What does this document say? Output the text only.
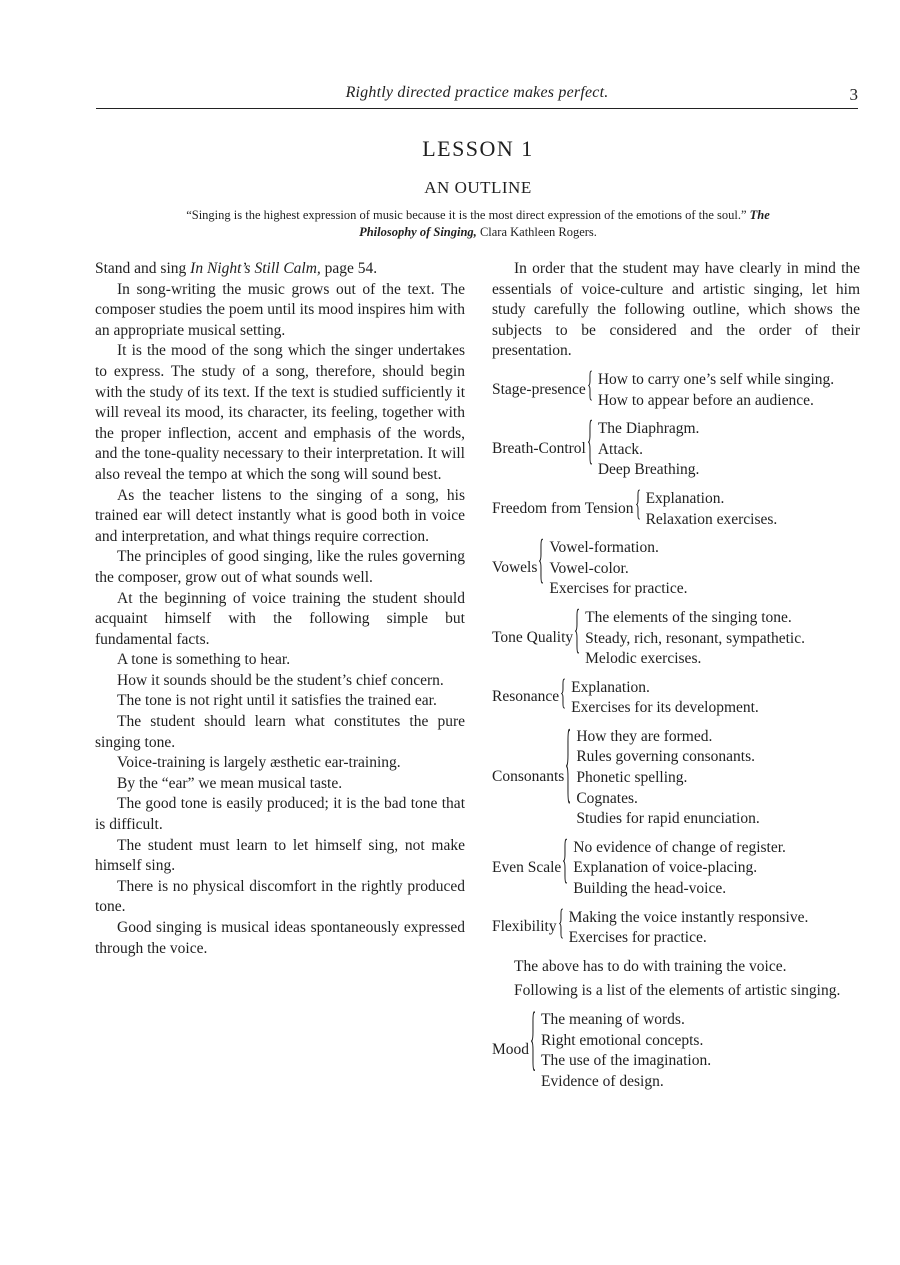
Rightly directed practice makes perfect.	3
LESSON 1
AN OUTLINE
“Singing is the highest expression of music because it is the most direct expression of the emotions of the soul.” The Philosophy of Singing, Clara Kathleen Rogers.

Stand and sing In Night’s Still Calm, page 54.

In song-writing the music grows out of the text. The composer studies the poem until its mood inspires him with an appropriate musical setting.

It is the mood of the song which the singer undertakes to express. The study of a song, therefore, should begin with the study of its text. If the text is studied sufficiently it will reveal its mood, its character, its feeling, together with the proper inflection, accent and emphasis of the words, and the tone-quality necessary to their interpretation. It will also reveal the tempo at which the song will sound best.

As the teacher listens to the singing of a song, his trained ear will detect instantly what is good both in voice and interpretation, and what things require correction.

The principles of good singing, like the rules governing the composer, grow out of what sounds well.

At the beginning of voice training the student should acquaint himself with the following simple but fundamental facts.

A tone is something to hear.

How it sounds should be the student’s chief concern.

The tone is not right until it satisfies the trained ear.

The student should learn what constitutes the pure singing tone.

Voice-training is largely æsthetic ear-training.

By the “ear” we mean musical taste.

The good tone is easily produced; it is the bad tone that is difficult.

The student must learn to let himself sing, not make himself sing.

There is no physical discomfort in the rightly produced tone.

Good singing is musical ideas spontaneously expressed through the voice.

In order that the student may have clearly in mind the essentials of voice-culture and artistic singing, let him study carefully the following outline, which shows the subjects to be considered and the order of their presentation.

Stage-presence { How to carry one’s self while singing.
How to appear before an audience.
Breath-Control { The Diaphragm.
Attack.
Deep Breathing.
Freedom from Tension { Explanation.
Relaxation exercises.
Vowels { Vowel-formation.
Vowel-color.
Exercises for practice.
Tone Quality { The elements of the singing tone.
Steady, rich, resonant, sympathetic.
Melodic exercises.
Resonance { Explanation.
Exercises for its development.
Consonants { How they are formed.
Rules governing consonants.
Phonetic spelling.
Cognates.
Studies for rapid enunciation.
Even Scale { No evidence of change of register.
Explanation of voice-placing.
Building the head-voice.
Flexibility { Making the voice instantly responsive.
Exercises for practice.

The above has to do with training the voice.

Following is a list of the elements of artistic singing.

Mood { The meaning of words.
Right emotional concepts.
The use of the imagination.
Evidence of design.
